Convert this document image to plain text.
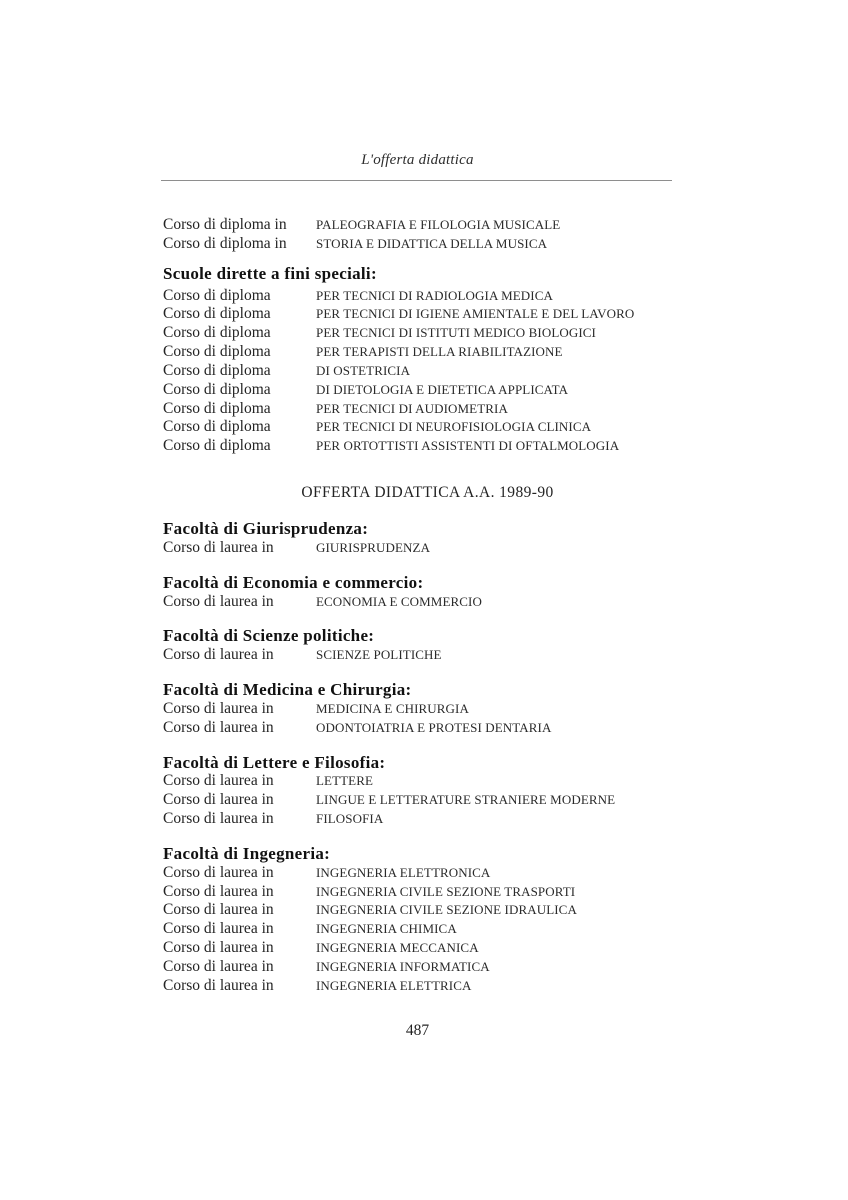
L'offerta didattica
Corso di diploma in	PALEOGRAFIA E FILOLOGIA MUSICALE
Corso di diploma in	STORIA E DIDATTICA DELLA MUSICA
Scuole dirette a fini speciali:
Corso di diploma	PER TECNICI DI RADIOLOGIA MEDICA
Corso di diploma	PER TECNICI DI IGIENE AMIENTALE E DEL LAVORO
Corso di diploma	PER TECNICI DI ISTITUTI MEDICO BIOLOGICI
Corso di diploma	PER TERAPISTI DELLA RIABILITAZIONE
Corso di diploma	DI OSTETRICIA
Corso di diploma	DI DIETOLOGIA E DIETETICA APPLICATA
Corso di diploma	PER TECNICI DI AUDIOMETRIA
Corso di diploma	PER TECNICI DI NEUROFISIOLOGIA CLINICA
Corso di diploma	PER ORTOTTISTI ASSISTENTI DI OFTALMOLOGIA
OFFERTA DIDATTICA A.A. 1989-90
Facoltà di Giurisprudenza:
Corso di laurea in	GIURISPRUDENZA
Facoltà di Economia e commercio:
Corso di laurea in	ECONOMIA E COMMERCIO
Facoltà di Scienze politiche:
Corso di laurea in	SCIENZE POLITICHE
Facoltà di Medicina e Chirurgia:
Corso di laurea in	MEDICINA E CHIRURGIA
Corso di laurea in	ODONTOIATRIA E PROTESI DENTARIA
Facoltà di Lettere e Filosofia:
Corso di laurea in	LETTERE
Corso di laurea in	LINGUE E LETTERATURE STRANIERE MODERNE
Corso di laurea in	FILOSOFIA
Facoltà di Ingegneria:
Corso di laurea in	INGEGNERIA ELETTRONICA
Corso di laurea in	INGEGNERIA CIVILE SEZIONE TRASPORTI
Corso di laurea in	INGEGNERIA CIVILE SEZIONE IDRAULICA
Corso di laurea in	INGEGNERIA CHIMICA
Corso di laurea in	INGEGNERIA MECCANICA
Corso di laurea in	INGEGNERIA INFORMATICA
Corso di laurea in	INGEGNERIA ELETTRICA
487
